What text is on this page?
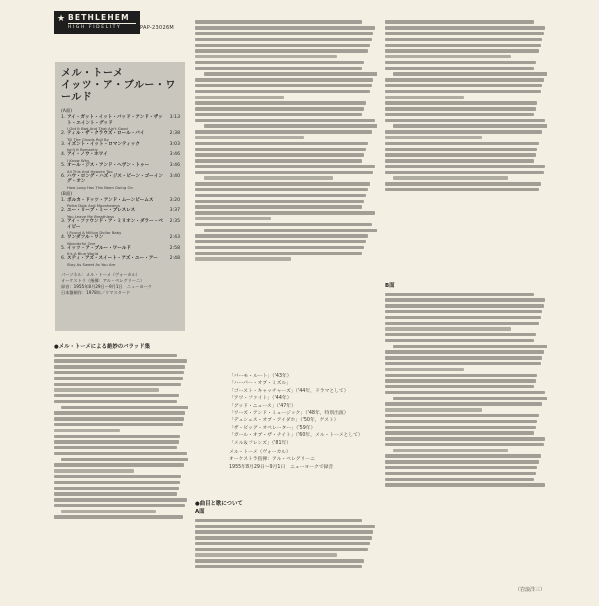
★ BETHLEHEM
HIGH FIDELITY	PAP-23026M
メル・トーメ
イッツ・ア・ブルー・ワールド
(A面)
1. アイ・ガット・イット・バッド・アンド・ザット・エイント・グッド
3:13
I Got It Bad And That Ain't Good
2. ティル・ザ・クラウズ・ロール・バイ	2:38
Till The Clouds Roll By
3. イズント・イット・ロマンティック	3:03
Isn't It Romantic
4. アイ・ノウ・ホワイ	3:46
I Know Why
5. オール・ジス・アンド・ヘヴン・トゥー	3:46
All This And Heaven Too
6. ハウ・ロング・ハズ・ジス・ビーン・ゴーイング・オン
3:40
How Long Has This Been Going On
(B面)
1. ボルカ・ドッツ・アンド・ムーンビームス	3:20
Polka Dots And Moonbeams
2. ユー・リーブ・ミー・ブレスレス	3:37
You Leave Me Breathless
3. アイ・ファウンド・ア・ミリオン・ダラー・ベイビー
2:35
I Found A Million Dollar Baby
4. ワンダフル・ワン	2:43
Wonderful One
5. イッツ・ア・ブルー・ワールド	2:58
It's A Blue World
6. スティ・アズ・スイート・アズ・ユー・アー	2:48
Stay As Sweet As You Are
パーソネル：メル・トーメ（ヴォーカル）
オーケストラ（指揮：アル・ペレグリーニ）
録音：1955年8月29日～9月1日　ニューヨーク
日本盤制作：1978年／リマスタード
●メル・トーメによる絶妙のバラッド集
「バーモ・ルート」（'43年）
「ハーバー・オブ・ミズル」
「ゴースト・キャッチャーズ」（'44年，ドラマとして）
「アワ・ファイト」（'44年）
「グッド・ニュース」（'47年）
「ワーズ・アンド・ミュージック」（'48年，特別出演）
「デュシェス・オブ・アイダホ」（'50年，ゲスト）
「ザ・ビッグ・オペレーター」（'59年）
「ガール・オブ・ザ・ナイト」（'60年，メル・トーメとして）
「メル＆フレンズ」（'81年）
メル・トーメ（ヴォーカル）
オーケストラ指揮：アル・ペレグリーニ
1955年8月29日～9月1日　ニューヨークで録音
●曲目と歌について
A面
B面
（岩浪洋三）
